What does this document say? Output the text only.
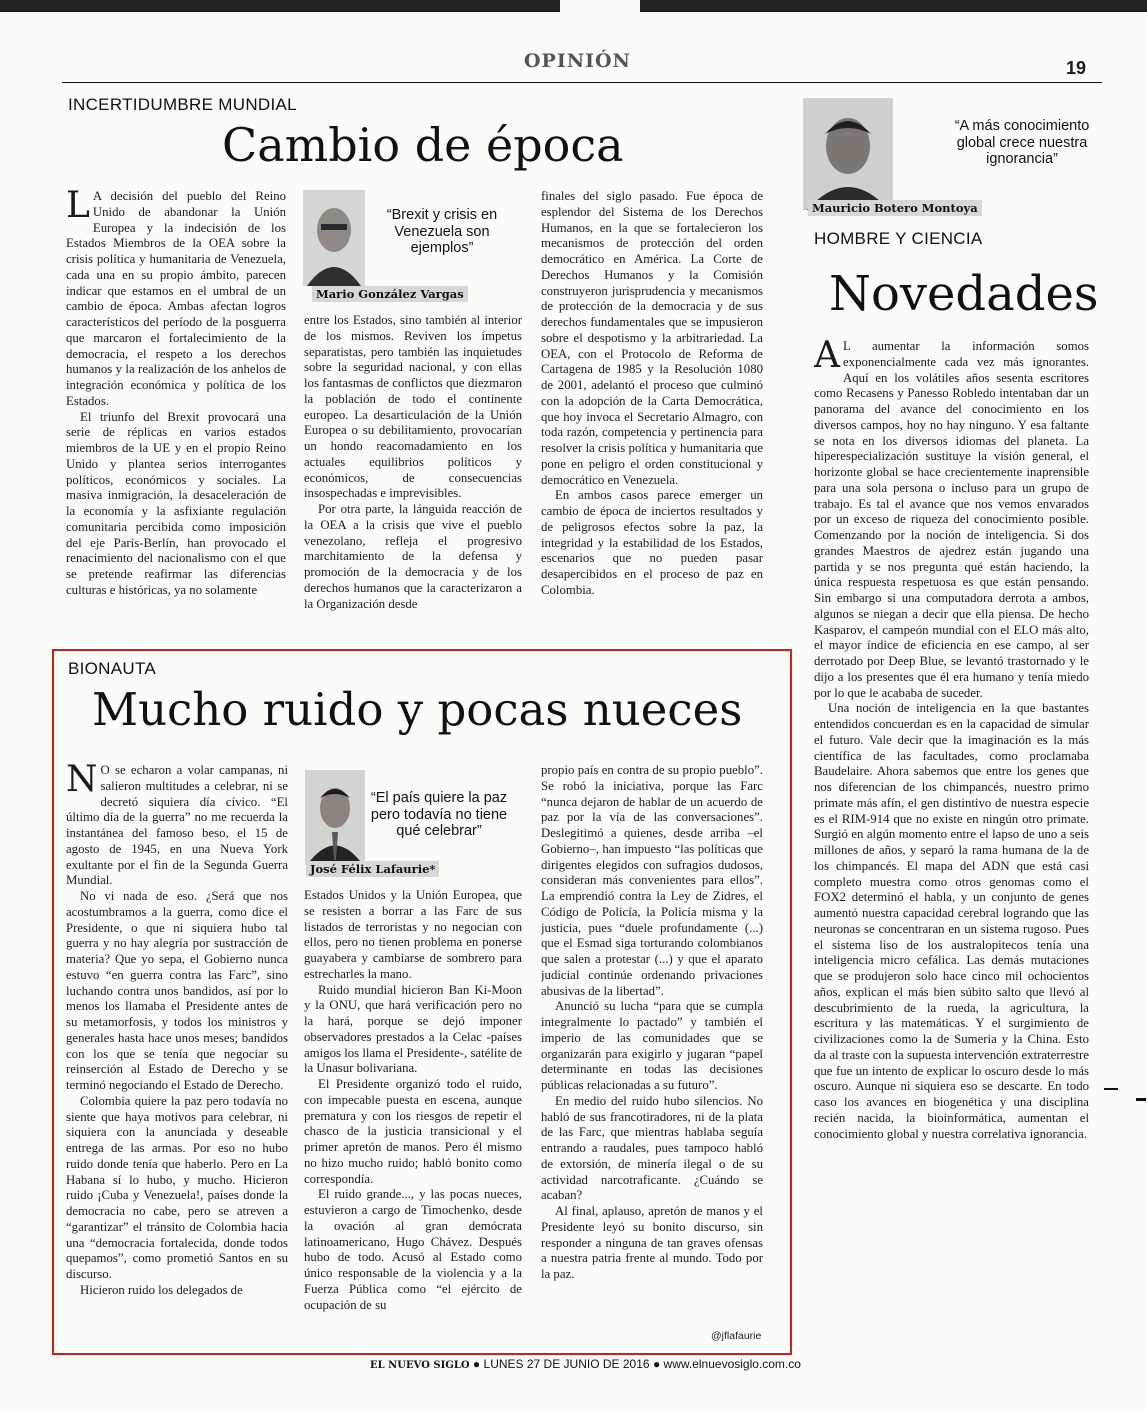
OPINIÓN	19
INCERTIDUMBRE MUNDIAL
Cambio de época

L A decisión del pueblo del Reino Unido de abandonar la Unión Europea y la indecisión de los Estados Miembros de la OEA sobre la crisis política y humanitaria de Venezuela, cada una en su propio ámbito, parecen indicar que estamos en el umbral de un cambio de época. Ambas afectan logros característicos del período de la posguerra que marcaron el fortalecimiento de la democracia, el respeto a los derechos humanos y la realización de los anhelos de integración económica y política de los Estados.

El triunfo del Brexit provocará una serie de réplicas en varios estados miembros de la UE y en el propio Reino Unido y plantea serios interrogantes políticos, económicos y sociales. La masiva inmigración, la desaceleración de la economía y la asfixiante regulación comunitaria percibida como imposición del eje París-Berlín, han provocado el renacimiento del nacionalismo con el que se pretende reafirmar las diferencias culturas e históricas, ya no solamente

“Brexit y crisis en Venezuela son ejemplos”
Mario González Vargas

entre los Estados, sino también al interior de los mismos. Reviven los ímpetus separatistas, pero también las inquietudes sobre la seguridad nacional, y con ellas los fantasmas de conflictos que diezmaron la población de todo el continente europeo. La desarticulación de la Unión Europea o su debilitamiento, provocarían un hondo reacomadamiento en los actuales equilibrios políticos y económicos, de consecuencias insospechadas e imprevisibles.

Por otra parte, la lánguida reacción de la OEA a la crisis que vive el pueblo venezolano, refleja el progresivo marchitamiento de la defensa y promoción de la democracia y de los derechos humanos que la caracterizaron a la Organización desde

finales del siglo pasado. Fue época de esplendor del Sistema de los Derechos Humanos, en la que se fortalecieron los mecanismos de protección del orden democrático en América. La Corte de Derechos Humanos y la Comisión construyeron jurisprudencia y mecanismos de protección de la democracia y de sus derechos fundamentales que se impusieron sobre el despotismo y la arbitrariedad. La OEA, con el Protocolo de Reforma de Cartagena de 1985 y la Resolución 1080 de 2001, adelantó el proceso que culminó con la adopción de la Carta Democrática, que hoy invoca el Secretario Almagro, con toda razón, competencia y pertinencia para resolver la crisis política y humanitaria que pone en peligro el orden constitucional y democrático en Venezuela.

En ambos casos parece emerger un cambio de época de inciertos resultados y de peligrosos efectos sobre la paz, la integridad y la estabilidad de los Estados, escenarios que no pueden pasar desapercibidos en el proceso de paz en Colombia.

Mauricio Botero Montoya
“A más conocimiento global crece nuestra ignorancia”
HOMBRE Y CIENCIA
Novedades

A L aumentar la información somos exponencialmente cada vez más ignorantes. Aquí en los volátiles años sesenta escritores como Recasens y Panesso Robledo intentaban dar un panorama del avance del conocimiento en los diversos campos, hoy no hay ninguno. Y esa faltante se nota en los diversos idiomas del planeta. La hiperespecialización sustituye la visión general, el horizonte global se hace crecientemente inaprensible para una sola persona o incluso para un grupo de trabajo. Es tal el avance que nos vemos envarados por un exceso de riqueza del conocimiento posible. Comenzando por la noción de inteligencia. Si dos grandes Maestros de ajedrez están jugando una partida y se nos pregunta qué están haciendo, la única respuesta respetuosa es que están pensando. Sin embargo si una computadora derrota a ambos, algunos se niegan a decir que ella piensa. De hecho Kasparov, el campeón mundial con el ELO más alto, el mayor índice de eficiencia en ese campo, al ser derrotado por Deep Blue, se levantó trastornado y le dijo a los presentes que él era humano y tenía miedo por lo que le acababa de suceder.

Una noción de inteligencia en la que bastantes entendidos concuerdan es en la capacidad de simular el futuro. Vale decir que la imaginación es la más científica de las facultades, como proclamaba Baudelaire. Ahora sabemos que entre los genes que nos diferencian de los chimpancés, nuestro primo primate más afín, el gen distintivo de nuestra especie es el RIM-914 que no existe en ningún otro primate. Surgió en algún momento entre el lapso de uno a seis millones de años, y separó la rama humana de la de los chimpancés. El mapa del ADN que está casi completo muestra como otros genomas como el FOX2 determinó el habla, y un conjunto de genes aumentó nuestra capacidad cerebral logrando que las neuronas se concentraran en un sistema rugoso. Pues el sistema liso de los australopitecos tenía una inteligencia micro cefálica. Las demás mutaciones que se produjeron solo hace cinco mil ochocientos años, explican el más bien súbito salto que llevó al descubrimiento de la rueda, la agricultura, la escritura y las matemáticas. Y el surgimiento de civilizaciones como la de Sumeria y la China. Esto da al traste con la supuesta intervención extraterrestre que fue un intento de explicar lo oscuro desde lo más oscuro. Aunque ni siquiera eso se descarte. En todo caso los avances en biogenética y una disciplina recién nacida, la bioinformática, aumentan el conocimiento global y nuestra correlativa ignorancia.

BIONAUTA
Mucho ruido y pocas nueces

N O se echaron a volar campanas, ni salieron multitudes a celebrar, ni se decretó siquiera día cívico. “El último día de la guerra” no me recuerda la instantánea del famoso beso, el 15 de agosto de 1945, en una Nueva York exultante por el fin de la Segunda Guerra Mundial.

No vi nada de eso. ¿Será que nos acostumbramos a la guerra, como dice el Presidente, o que ni siquiera hubo tal guerra y no hay alegría por sustracción de materia? Que yo sepa, el Gobierno nunca estuvo “en guerra contra las Farc”, sino luchando contra unos bandidos, así por lo menos los llamaba el Presidente antes de su metamorfosis, y todos los ministros y generales hasta hace unos meses; bandidos con los que se tenía que negociar su reinserción al Estado de Derecho y se terminó negociando el Estado de Derecho.

Colombia quiere la paz pero todavía no siente que haya motivos para celebrar, ni siquiera con la anunciada y deseable entrega de las armas. Por eso no hubo ruido donde tenía que haberlo. Pero en La Habana sí lo hubo, y mucho. Hicieron ruido ¡Cuba y Venezuela!, países donde la democracia no cabe, pero se atreven a “garantizar” el tránsito de Colombia hacia una “democracia fortalecida, donde todos quepamos”, como prometió Santos en su discurso.

Hicieron ruido los delegados de

“El país quiere la paz pero todavía no tiene qué celebrar”
José Félix Lafaurie*

Estados Unidos y la Unión Europea, que se resisten a borrar a las Farc de sus listados de terroristas y no negocian con ellos, pero no tienen problema en ponerse guayabera y cambiarse de sombrero para estrecharles la mano.

Ruido mundial hicieron Ban Ki-Moon y la ONU, que hará verificación pero no la hará, porque se dejó imponer observadores prestados a la Celac -países amigos los llama el Presidente-, satélite de la Unasur bolivariana.

El Presidente organizó todo el ruido, con impecable puesta en escena, aunque prematura y con los riesgos de repetir el chasco de la justicia transicional y el primer apretón de manos. Pero él mismo no hizo mucho ruido; habló bonito como correspondía.

El ruido grande..., y las pocas nueces, estuvieron a cargo de Timochenko, desde la ovación al gran demócrata latinoamericano, Hugo Chávez. Después hubo de todo. Acusó al Estado como único responsable de la violencia y a la Fuerza Pública como “el ejército de ocupación de su

propio país en contra de su propio pueblo”. Se robó la iniciativa, porque las Farc “nunca dejaron de hablar de un acuerdo de paz por la vía de las conversaciones”. Deslegitimó a quienes, desde arriba –el Gobierno–, han impuesto “las políticas que dirigentes elegidos con sufragios dudosos, consideran más convenientes para ellos”. La emprendió contra la Ley de Zidres, el Código de Policía, la Policía misma y la justicia, pues “duele profundamente (...) que el Esmad siga torturando colombianos que salen a protestar (...) y que el aparato judicial continúe ordenando privaciones abusivas de la libertad”.

Anunció su lucha “para que se cumpla integralmente lo pactado” y también el imperio de las comunidades que se organizarán para exigirlo y jugaran “papel determinante en todas las decisiones públicas relacionadas a su futuro”.

En medio del ruido hubo silencios. No habló de sus francotiradores, ni de la plata de las Farc, que mientras hablaba seguía entrando a raudales, pues tampoco habló de extorsión, de minería ilegal o de su actividad narcotraficante. ¿Cuándo se acaban?

Al final, aplauso, apretón de manos y el Presidente leyó su bonito discurso, sin responder a ninguna de tan graves ofensas a nuestra patria frente al mundo. Todo por la paz.

@jflafaurie
EL NUEVO SIGLO ● LUNES 27 DE JUNIO DE 2016 ● www.elnuevosiglo.com.co
